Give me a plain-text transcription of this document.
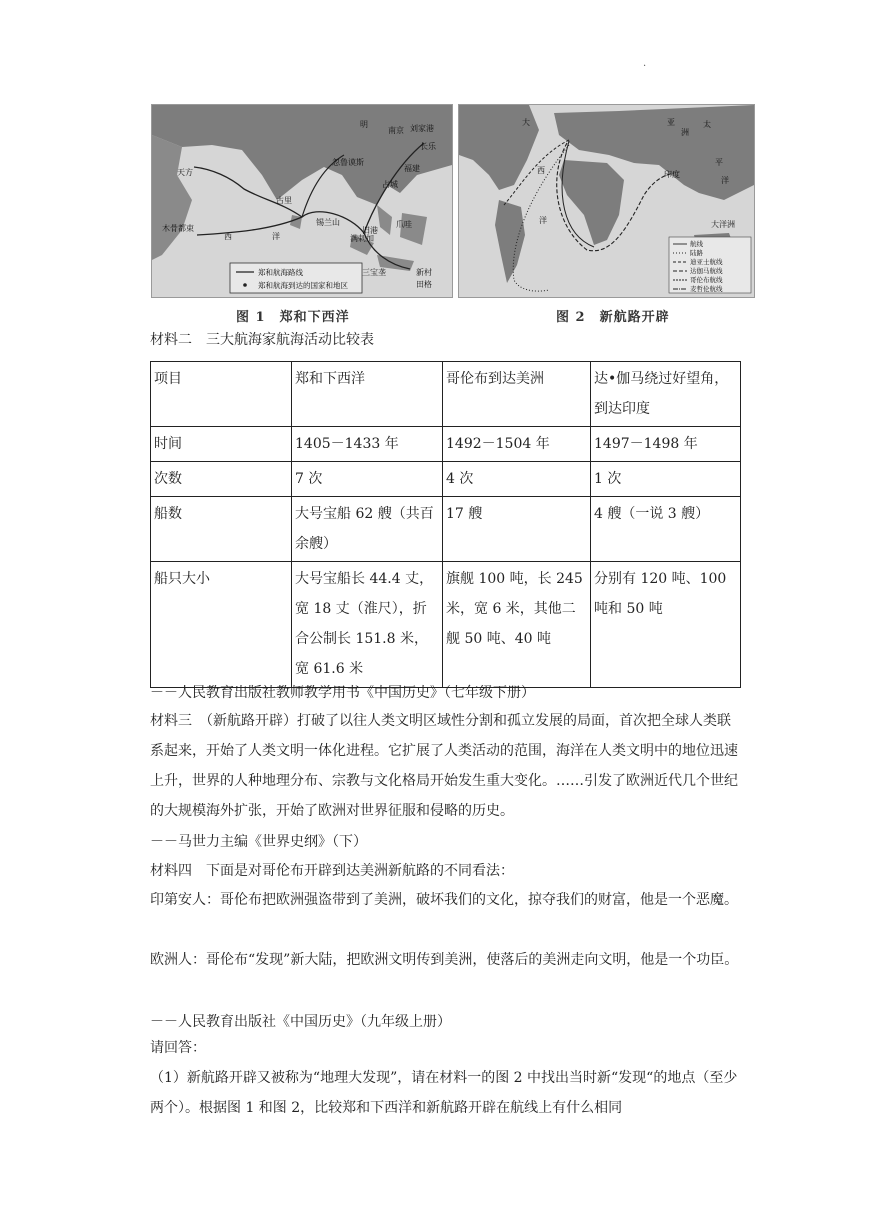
.
明
南京 刘家港
长乐
福建
占城
古里
忽鲁谟斯
天方
木骨都束
西	洋
锡兰山
满剌加
旧港
爪哇
三宝垄	新村
田格
郑和航海路线
郑和航海到达的国家和地区
大
西
洋
亚	太
平
洋
洲
印度
大洋洲
航线
陆路
迪亚士航线
达伽马航线
哥伦布航线
麦哲伦航线
图 1　郑和下西洋	图 2　新航路开辟
材料二　三大航海家航海活动比较表
项目	郑和下西洋	哥伦布到达美洲	达•伽马绕过好望角，到达印度
时间	1405－1433 年	1492－1504 年	1497－1498 年
次数	7 次	4 次	1 次
船数	大号宝船 62 艘（共百余艘）	17 艘	4 艘（一说 3 艘）
船只大小	大号宝船长 44.4 丈，宽 18 丈（淮尺），折合公制长 151.8 米，宽 61.6 米	旗舰 100 吨，长 245 米，宽 6 米，其他二舰 50 吨、40 吨	分别有 120 吨、100 吨和 50 吨
－－人民教育出版社教师教学用书《中国历史》（七年级下册）
材料三　（新航路开辟）打破了以往人类文明区域性分割和孤立发展的局面，首次把全球人类联系起来，开始了人类文明一体化进程。它扩展了人类活动的范围，海洋在人类文明中的地位迅速上升，世界的人种地理分布、宗教与文化格局开始发生重大变化。……引发了欧洲近代几个世纪的大规模海外扩张，开始了欧洲对世界征服和侵略的历史。
－－马世力主编《世界史纲》（下）
材料四　下面是对哥伦布开辟到达美洲新航路的不同看法：
印第安人：哥伦布把欧洲强盗带到了美洲，破坏我们的文化，掠夺我们的财富，他是一个恶魔。
欧洲人：哥伦布“发现”新大陆，把欧洲文明传到美洲，使落后的美洲走向文明，他是一个功臣。
－－人民教育出版社《中国历史》（九年级上册）
请回答：
（1）新航路开辟又被称为“地理大发现”，请在材料一的图 2 中找出当时新“发现“的地点（至少两个）。根据图 1 和图 2，比较郑和下西洋和新航路开辟在航线上有什么相同
